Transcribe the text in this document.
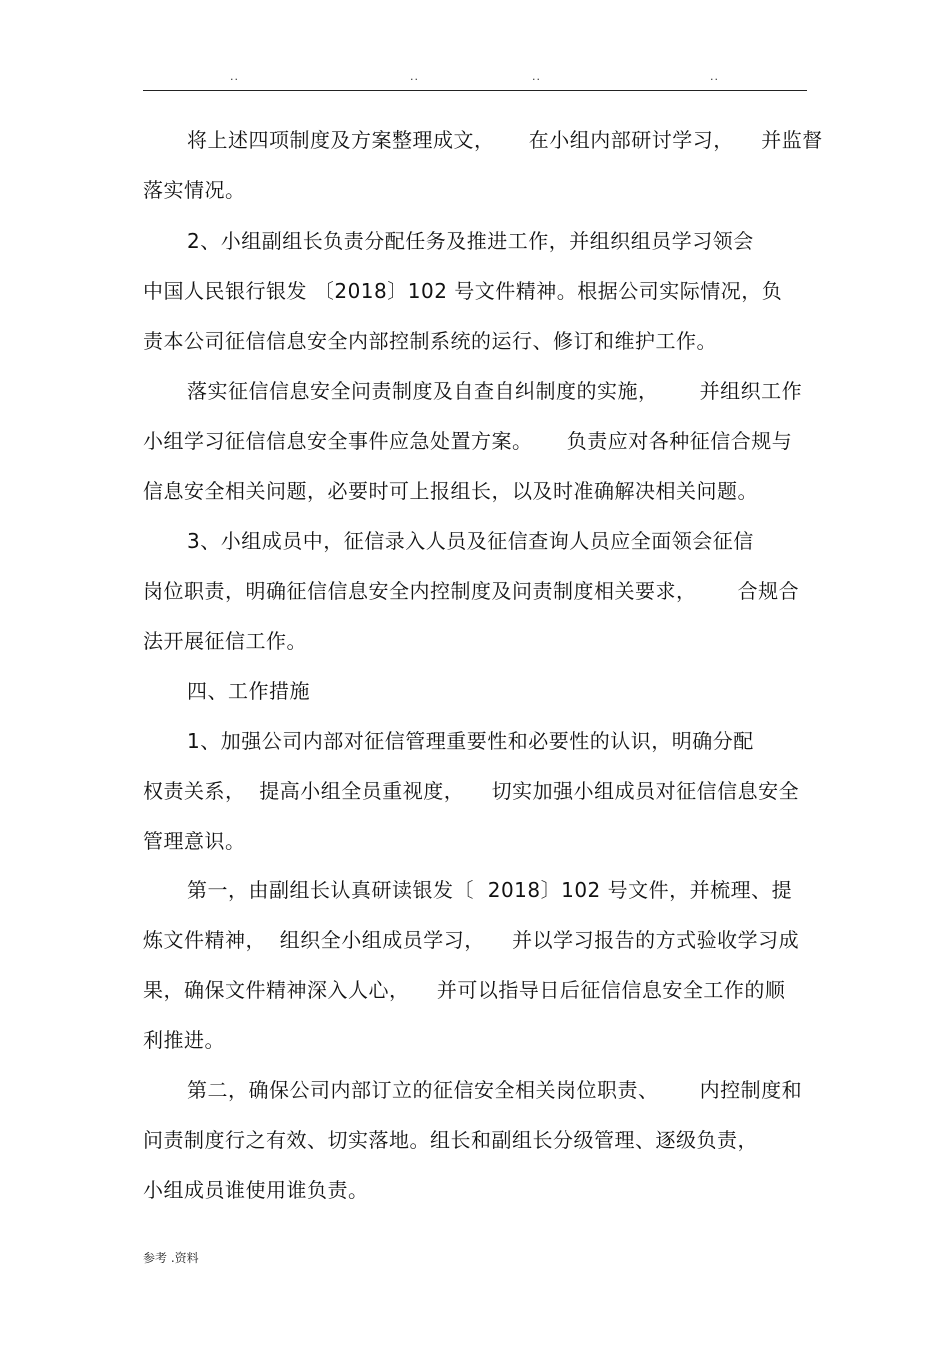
..	..	..	..
将上述四项制度及方案整理成文，     在小组内部研讨学习，    并监督
落实情况。
2、小组副组长负责分配任务及推进工作，并组织组员学习领会
中国人民银行银发 〔2018〕102 号文件精神。根据公司实际情况，负
责本公司征信信息安全内部控制系统的运行、修订和维护工作。
落实征信信息安全问责制度及自查自纠制度的实施，      并组织工作
小组学习征信信息安全事件应急处置方案。     负责应对各种征信合规与
信息安全相关问题，必要时可上报组长，以及时准确解决相关问题。
3、小组成员中，征信录入人员及征信查询人员应全面领会征信
岗位职责，明确征信信息安全内控制度及问责制度相关要求，      合规合
法开展征信工作。
四、工作措施
1、加强公司内部对征信管理重要性和必要性的认识，明确分配
权责关系，  提高小组全员重视度，    切实加强小组成员对征信信息安全
管理意识。
第一，由副组长认真研读银发〔  2018〕102 号文件，并梳理、提
炼文件精神，  组织全小组成员学习，    并以学习报告的方式验收学习成
果，确保文件精神深入人心，    并可以指导日后征信信息安全工作的顺
利推进。
第二，确保公司内部订立的征信安全相关岗位职责、      内控制度和
问责制度行之有效、切实落地。组长和副组长分级管理、逐级负责，
小组成员谁使用谁负责。
参考 .资料
